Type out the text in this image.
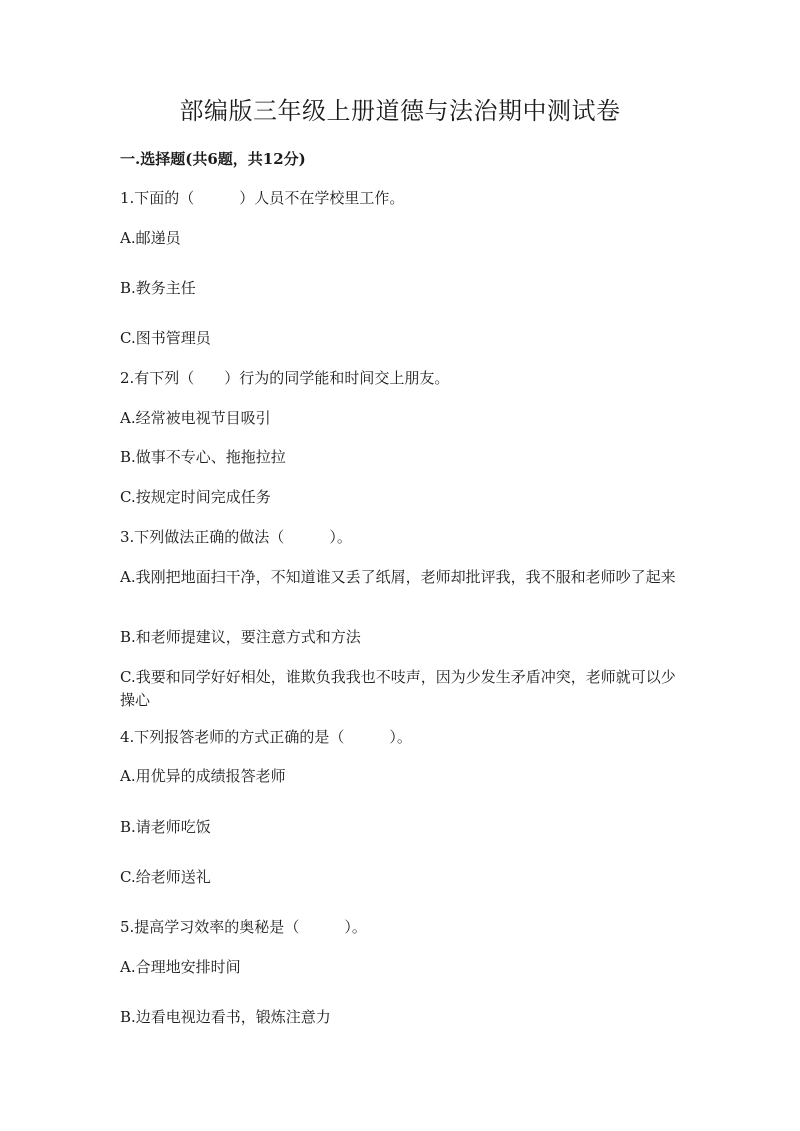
部编版三年级上册道德与法治期中测试卷
一.选择题(共6题，共12分)
1.下面的（　　　）人员不在学校里工作。
A.邮递员
B.教务主任
C.图书管理员
2.有下列（　　）行为的同学能和时间交上朋友。
A.经常被电视节目吸引
B.做事不专心、拖拖拉拉
C.按规定时间完成任务
3.下列做法正确的做法（　　　）。
A.我刚把地面扫干净，不知道谁又丢了纸屑，老师却批评我，我不服和老师吵了起来
B.和老师提建议，要注意方式和方法
C.我要和同学好好相处，谁欺负我我也不吱声，因为少发生矛盾冲突，老师就可以少操心
4.下列报答老师的方式正确的是（　　　）。
A.用优异的成绩报答老师
B.请老师吃饭
C.给老师送礼
5.提高学习效率的奥秘是（　　　）。
A.合理地安排时间
B.边看电视边看书，锻炼注意力
